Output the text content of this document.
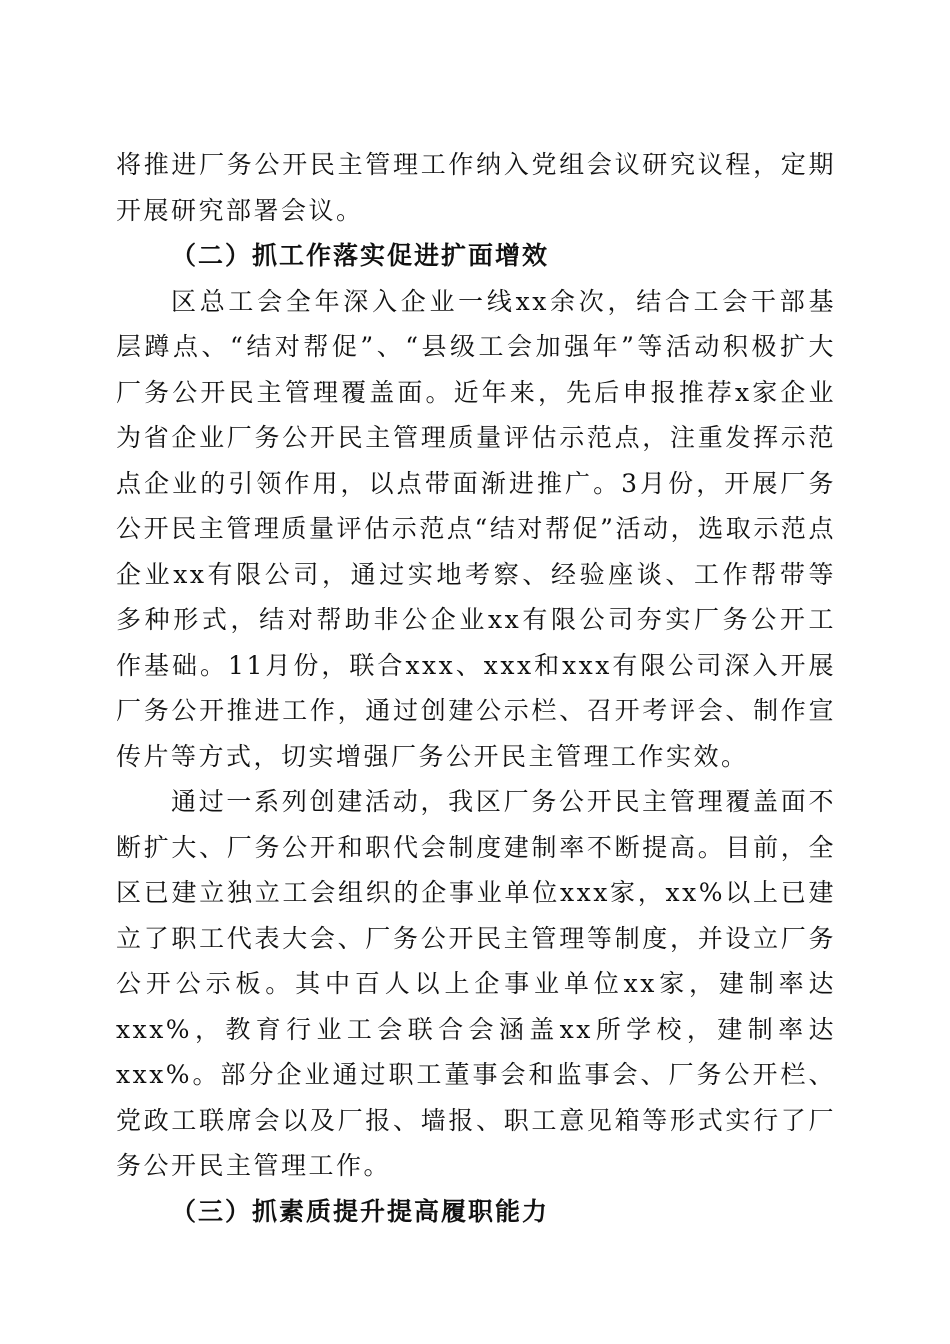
将推进厂务公开民主管理工作纳入党组会议研究议程，定期开展研究部署会议。

（二）抓工作落实促进扩面增效

区总工会全年深入企业一线xx余次，结合工会干部基层蹲点、“结对帮促”、“县级工会加强年”等活动积极扩大厂务公开民主管理覆盖面。近年来，先后申报推荐x家企业为省企业厂务公开民主管理质量评估示范点，注重发挥示范点企业的引领作用，以点带面渐进推广。3月份，开展厂务公开民主管理质量评估示范点“结对帮促”活动，选取示范点企业xx有限公司，通过实地考察、经验座谈、工作帮带等多种形式，结对帮助非公企业xx有限公司夯实厂务公开工作基础。11月份，联合xxx、xxx和xxx有限公司深入开展厂务公开推进工作，通过创建公示栏、召开考评会、制作宣传片等方式，切实增强厂务公开民主管理工作实效。

通过一系列创建活动，我区厂务公开民主管理覆盖面不断扩大、厂务公开和职代会制度建制率不断提高。目前，全区已建立独立工会组织的企事业单位xxx家，xx%以上已建立了职工代表大会、厂务公开民主管理等制度，并设立厂务公开公示板。其中百人以上企事业单位xx家，建制率达xxx%，教育行业工会联合会涵盖xx所学校，建制率达xxx%。部分企业通过职工董事会和监事会、厂务公开栏、党政工联席会以及厂报、墙报、职工意见箱等形式实行了厂务公开民主管理工作。

（三）抓素质提升提高履职能力
